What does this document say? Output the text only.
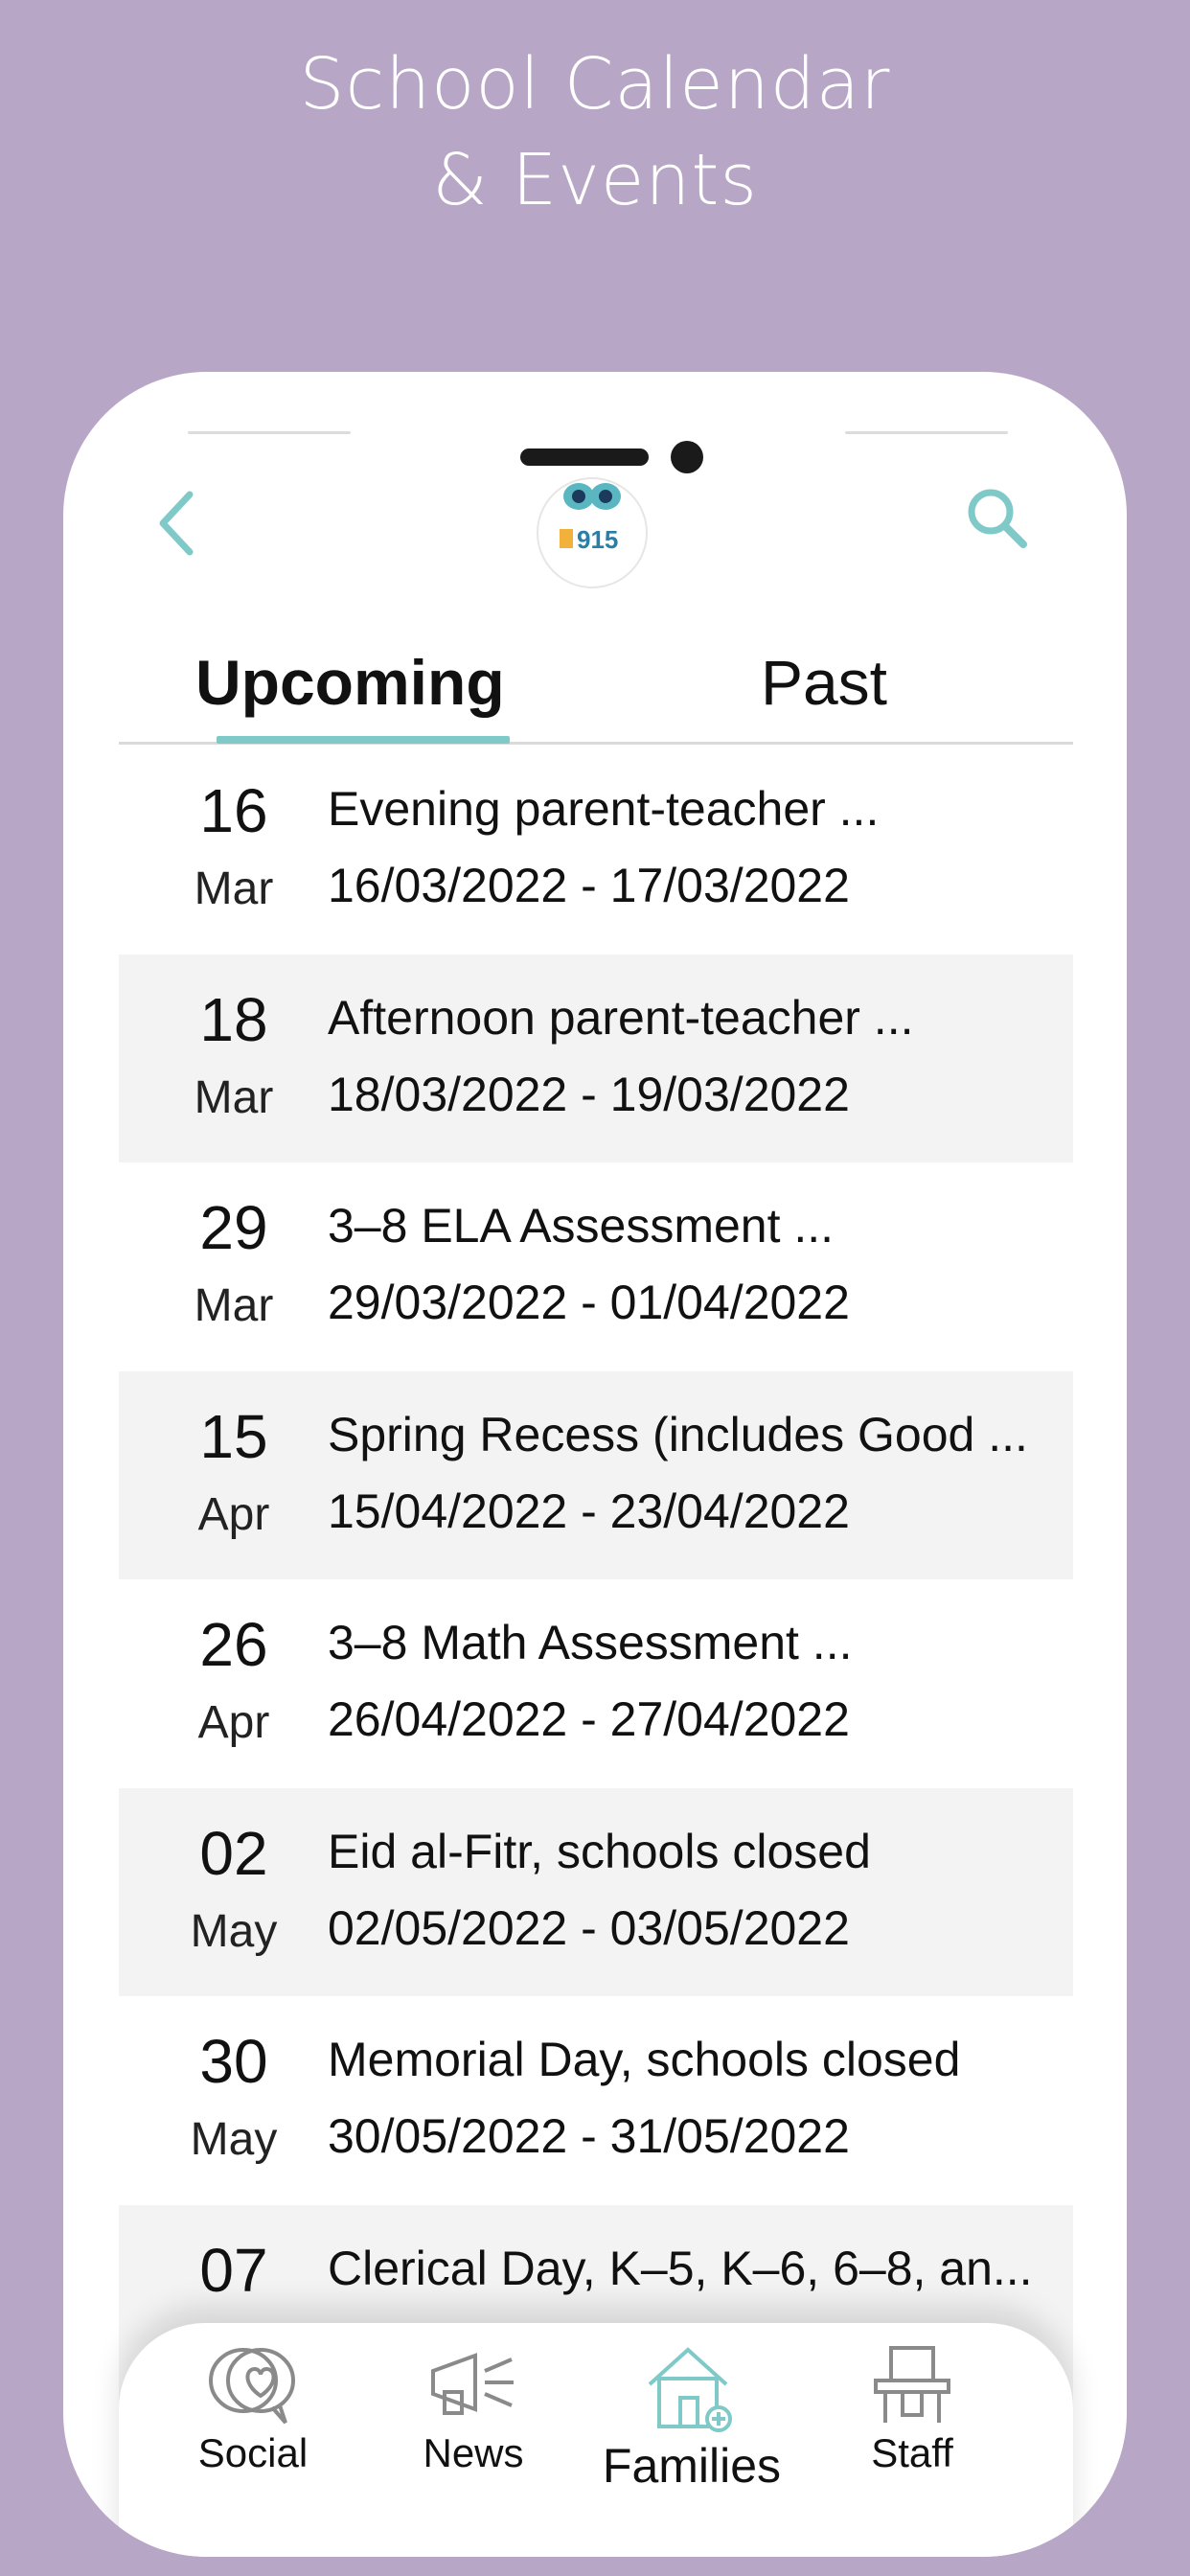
School Calendar
& Events
915
Upcoming	Past
16
Mar
Evening parent-teacher ...
16/03/2022 - 17/03/2022
18
Mar
Afternoon parent-teacher ...
18/03/2022 - 19/03/2022
29
Mar
3–8 ELA Assessment ...
29/03/2022 - 01/04/2022
15
Apr
Spring Recess (includes Good ...
15/04/2022 - 23/04/2022
26
Apr
3–8 Math Assessment ...
26/04/2022 - 27/04/2022
02
May
Eid al-Fitr, schools closed
02/05/2022 - 03/05/2022
30
May
Memorial Day, schools closed
30/05/2022 - 31/05/2022
07	Clerical Day, K–5, K–6, 6–8, an...
Social	News	Families	Staff
